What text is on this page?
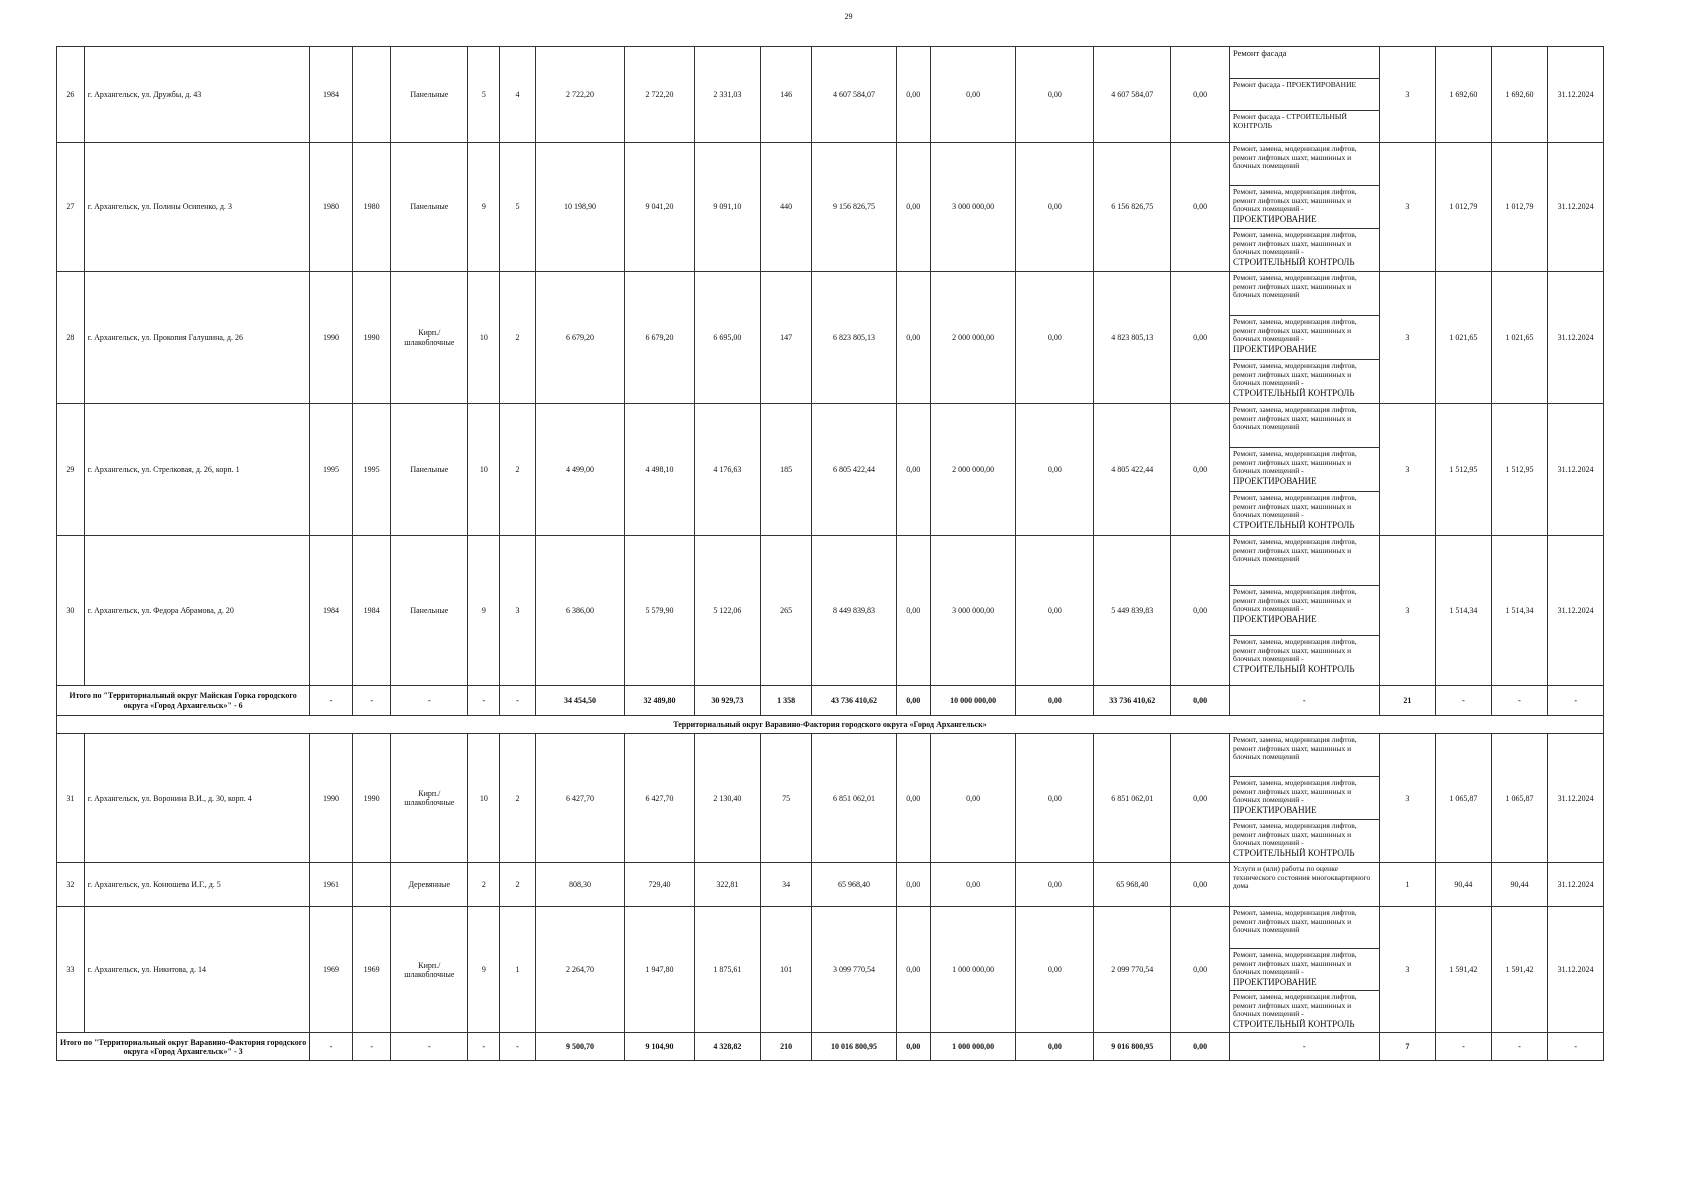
29
26	г. Архангельск, ул. Дружбы, д. 43	1984		Панельные	5	4	2 722,20	2 722,20	2 331,03	146	4 607 584,07	0,00	0,00	0,00	4 607 584,07	0,00	Ремонт фасада	3	1 692,60	1 692,60	31.12.2024

																	Ремонт фасада - ПРОЕКТИРОВАНИЕ				

																	Ремонт фасада - СТРОИТЕЛЬНЫЙ КОНТРОЛЬ				

27	г. Архангельск, ул. Полины Осипенко, д. 3	1980	1980	Панельные	9	5	10 198,90	9 041,20	9 091,10	440	9 156 826,75	0,00	3 000 000,00	0,00	6 156 826,75	0,00	Ремонт, замена, модернизация лифтов, ремонт лифтовых шахт, машинных и блочных помещений	3	1 012,79	1 012,79	31.12.2024

																	Ремонт, замена, модернизация лифтов, ремонт лифтовых шахт, машинных и блочных помещений -
ПРОЕКТИРОВАНИЕ				

																	Ремонт, замена, модернизация лифтов, ремонт лифтовых шахт, машинных и блочных помещений -
СТРОИТЕЛЬНЫЙ КОНТРОЛЬ				

28	г. Архангельск, ул. Прокопия Галушина, д. 26	1990	1990	Кирп./ шлакоблочные	10	2	6 679,20	6 679,20	6 695,00	147	6 823 805,13	0,00	2 000 000,00	0,00	4 823 805,13	0,00	Ремонт, замена, модернизация лифтов, ремонт лифтовых шахт, машинных и блочных помещений	3	1 021,65	1 021,65	31.12.2024

																	Ремонт, замена, модернизация лифтов, ремонт лифтовых шахт, машинных и блочных помещений -
ПРОЕКТИРОВАНИЕ				

																	Ремонт, замена, модернизация лифтов, ремонт лифтовых шахт, машинных и блочных помещений -
СТРОИТЕЛЬНЫЙ КОНТРОЛЬ				

29	г. Архангельск, ул. Стрелковая, д. 26, корп. 1	1995	1995	Панельные	10	2	4 499,00	4 498,10	4 176,63	185	6 805 422,44	0,00	2 000 000,00	0,00	4 805 422,44	0,00	Ремонт, замена, модернизация лифтов, ремонт лифтовых шахт, машинных и блочных помещений	3	1 512,95	1 512,95	31.12.2024

																	Ремонт, замена, модернизация лифтов, ремонт лифтовых шахт, машинных и блочных помещений -
ПРОЕКТИРОВАНИЕ				

																	Ремонт, замена, модернизация лифтов, ремонт лифтовых шахт, машинных и блочных помещений -
СТРОИТЕЛЬНЫЙ КОНТРОЛЬ				

30	г. Архангельск, ул. Федора Абрамова, д. 20	1984	1984	Панельные	9	3	6 386,00	5 579,90	5 122,06	265	8 449 839,83	0,00	3 000 000,00	0,00	5 449 839,83	0,00	Ремонт, замена, модернизация лифтов, ремонт лифтовых шахт, машинных и блочных помещений	3	1 514,34	1 514,34	31.12.2024

																	Ремонт, замена, модернизация лифтов, ремонт лифтовых шахт, машинных и блочных помещений -
ПРОЕКТИРОВАНИЕ				

																	Ремонт, замена, модернизация лифтов, ремонт лифтовых шахт, машинных и блочных помещений -
СТРОИТЕЛЬНЫЙ КОНТРОЛЬ				

Итого по "Территориальный округ Майская Горка городского округа «Город Архангельск»" - 6		-	-	-	-	-	34 454,50	32 489,80	30 929,73	1 358	43 736 410,62	0,00	10 000 000,00	0,00	33 736 410,62	0,00	-	21	-	-	-
Территориальный округ Варавино-Фактория городского округа «Город Архангельск»																					
31	г. Архангельск, ул. Воронина В.И., д. 30, корп. 4	1990	1990	Кирп./ шлакоблочные	10	2	6 427,70	6 427,70	2 130,40	75	6 851 062,01	0,00	0,00	0,00	6 851 062,01	0,00	Ремонт, замена, модернизация лифтов, ремонт лифтовых шахт, машинных и блочных помещений	3	1 065,87	1 065,87	31.12.2024

																	Ремонт, замена, модернизация лифтов, ремонт лифтовых шахт, машинных и блочных помещений -
ПРОЕКТИРОВАНИЕ				

																	Ремонт, замена, модернизация лифтов, ремонт лифтовых шахт, машинных и блочных помещений -
СТРОИТЕЛЬНЫЙ КОНТРОЛЬ				

32	г. Архангельск, ул. Конюшева И.Г., д. 5	1961		Деревянные	2	2	808,30	729,40	322,81	34	65 968,40	0,00	0,00	0,00	65 968,40	0,00	Услуги и (или) работы по оценке технического состояния многоквартирного дома	1	90,44	90,44	31.12.2024
33	г. Архангельск, ул. Никитова, д. 14	1969	1969	Кирп./ шлакоблочные	9	1	2 264,70	1 947,80	1 875,61	101	3 099 770,54	0,00	1 000 000,00	0,00	2 099 770,54	0,00	Ремонт, замена, модернизация лифтов, ремонт лифтовых шахт, машинных и блочных помещений	3	1 591,42	1 591,42	31.12.2024

																	Ремонт, замена, модернизация лифтов, ремонт лифтовых шахт, машинных и блочных помещений -
ПРОЕКТИРОВАНИЕ				

																	Ремонт, замена, модернизация лифтов, ремонт лифтовых шахт, машинных и блочных помещений -
СТРОИТЕЛЬНЫЙ КОНТРОЛЬ				

Итого по "Территориальный округ Варавино-Фактория городского округа «Город Архангельск»" - 3		-	-	-	-	-	9 500,70	9 104,90	4 328,82	210	10 016 800,95	0,00	1 000 000,00	0,00	9 016 800,95	0,00	-	7	-	-	-
